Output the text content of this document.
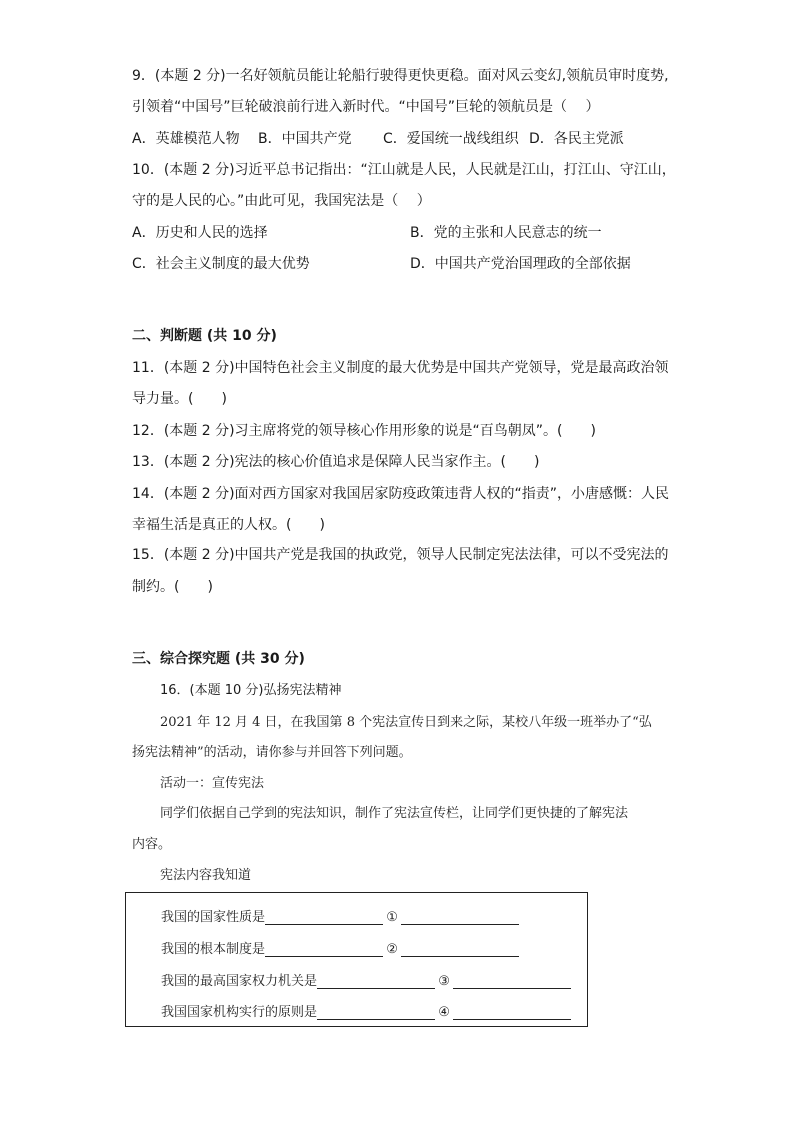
9．(本题 2 分)一名好领航员能让轮船行驶得更快更稳。面对风云变幻,领航员审时度势,
引领着“中国号”巨轮破浪前行进入新时代。“中国号”巨轮的领航员是（　 ）
A．英雄模范人物 B．中国共产党 C．爱国统一战线组织 D．各民主党派
10．(本题 2 分)习近平总书记指出：“江山就是人民，人民就是江山，打江山、守江山，
守的是人民的心。”由此可见，我国宪法是（　 ）
A．历史和人民的选择	B．党的主张和人民意志的统一
C．社会主义制度的最大优势	D．中国共产党治国理政的全部依据
二、判断题 (共 10 分)
11．(本题 2 分)中国特色社会主义制度的最大优势是中国共产党领导，党是最高政治领
导力量。(　　)
12．(本题 2 分)习主席将党的领导核心作用形象的说是“百鸟朝凤”。(　　)
13．(本题 2 分)宪法的核心价值追求是保障人民当家作主。(　　)
14．(本题 2 分)面对西方国家对我国居家防疫政策违背人权的“指责”，小唐感慨：人民
幸福生活是真正的人权。(　　)
15．(本题 2 分)中国共产党是我国的执政党，领导人民制定宪法法律，可以不受宪法的
制约。(　　)
三、综合探究题 (共 30 分)
16．(本题 10 分)弘扬宪法精神
2021 年 12 月 4 日，在我国第 8 个宪法宣传日到来之际，某校八年级一班举办了“弘
扬宪法精神”的活动，请你参与并回答下列问题。
活动一：宣传宪法
同学们依据自己学到的宪法知识，制作了宪法宣传栏，让同学们更快捷的了解宪法
内容。
宪法内容我知道
我国的国家性质是	①
我国的根本制度是	②
我国的最高国家权力机关是	③
我国国家机构实行的原则是	④
